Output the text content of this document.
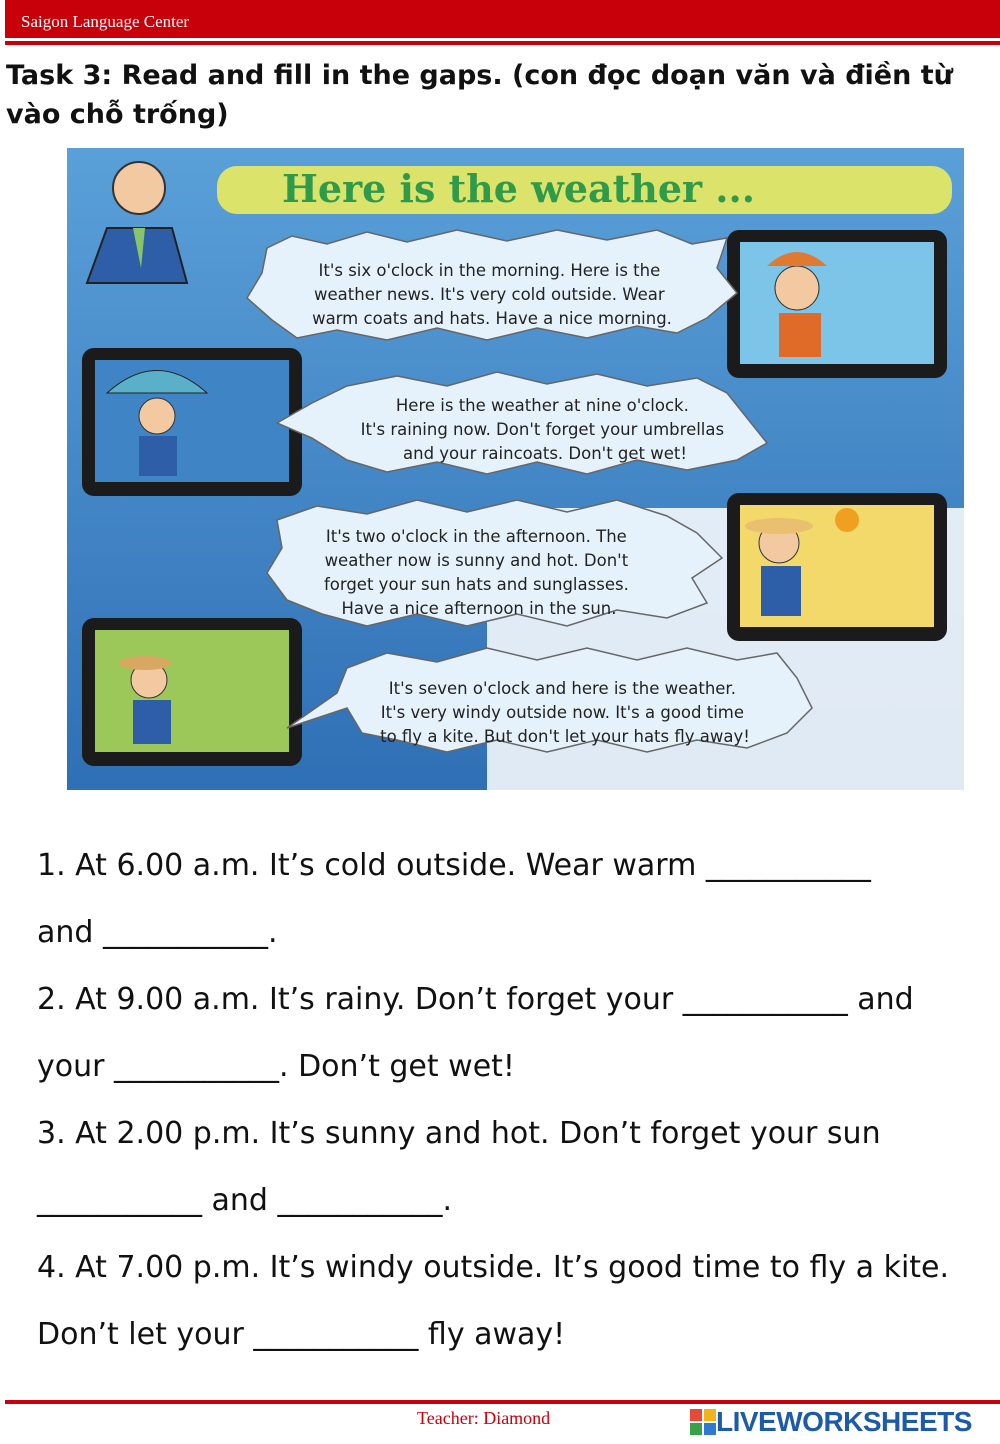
Saigon Language Center
Task 3: Read and fill in the gaps. (con đọc doạn văn và điền từ vào chỗ trống)
Here is the weather ...
It's six o'clock in the morning. Here is the weather news. It's very cold outside. Wear warm coats and hats. Have a nice morning.
Here is the weather at nine o'clock. It's raining now. Don't forget your umbrellas and your raincoats. Don't get wet!
It's two o'clock in the afternoon. The weather now is sunny and hot. Don't forget your sun hats and sunglasses. Have a nice afternoon in the sun.
It's seven o'clock and here is the weather. It's very windy outside now. It's a good time to fly a kite. But don't let your hats fly away!
1. At 6.00 a.m. It’s cold outside. Wear warm ___________
and ___________.
2. At 9.00 a.m. It’s rainy. Don’t forget your ___________ and
your ___________. Don’t get wet!
3. At 2.00 p.m. It’s sunny and hot. Don’t forget your sun
___________ and ___________.
4. At 7.00 p.m. It’s windy outside. It’s good time to fly a kite.
Don’t let your ___________ fly away!
Teacher: Diamond	LIVEWORKSHEETS
